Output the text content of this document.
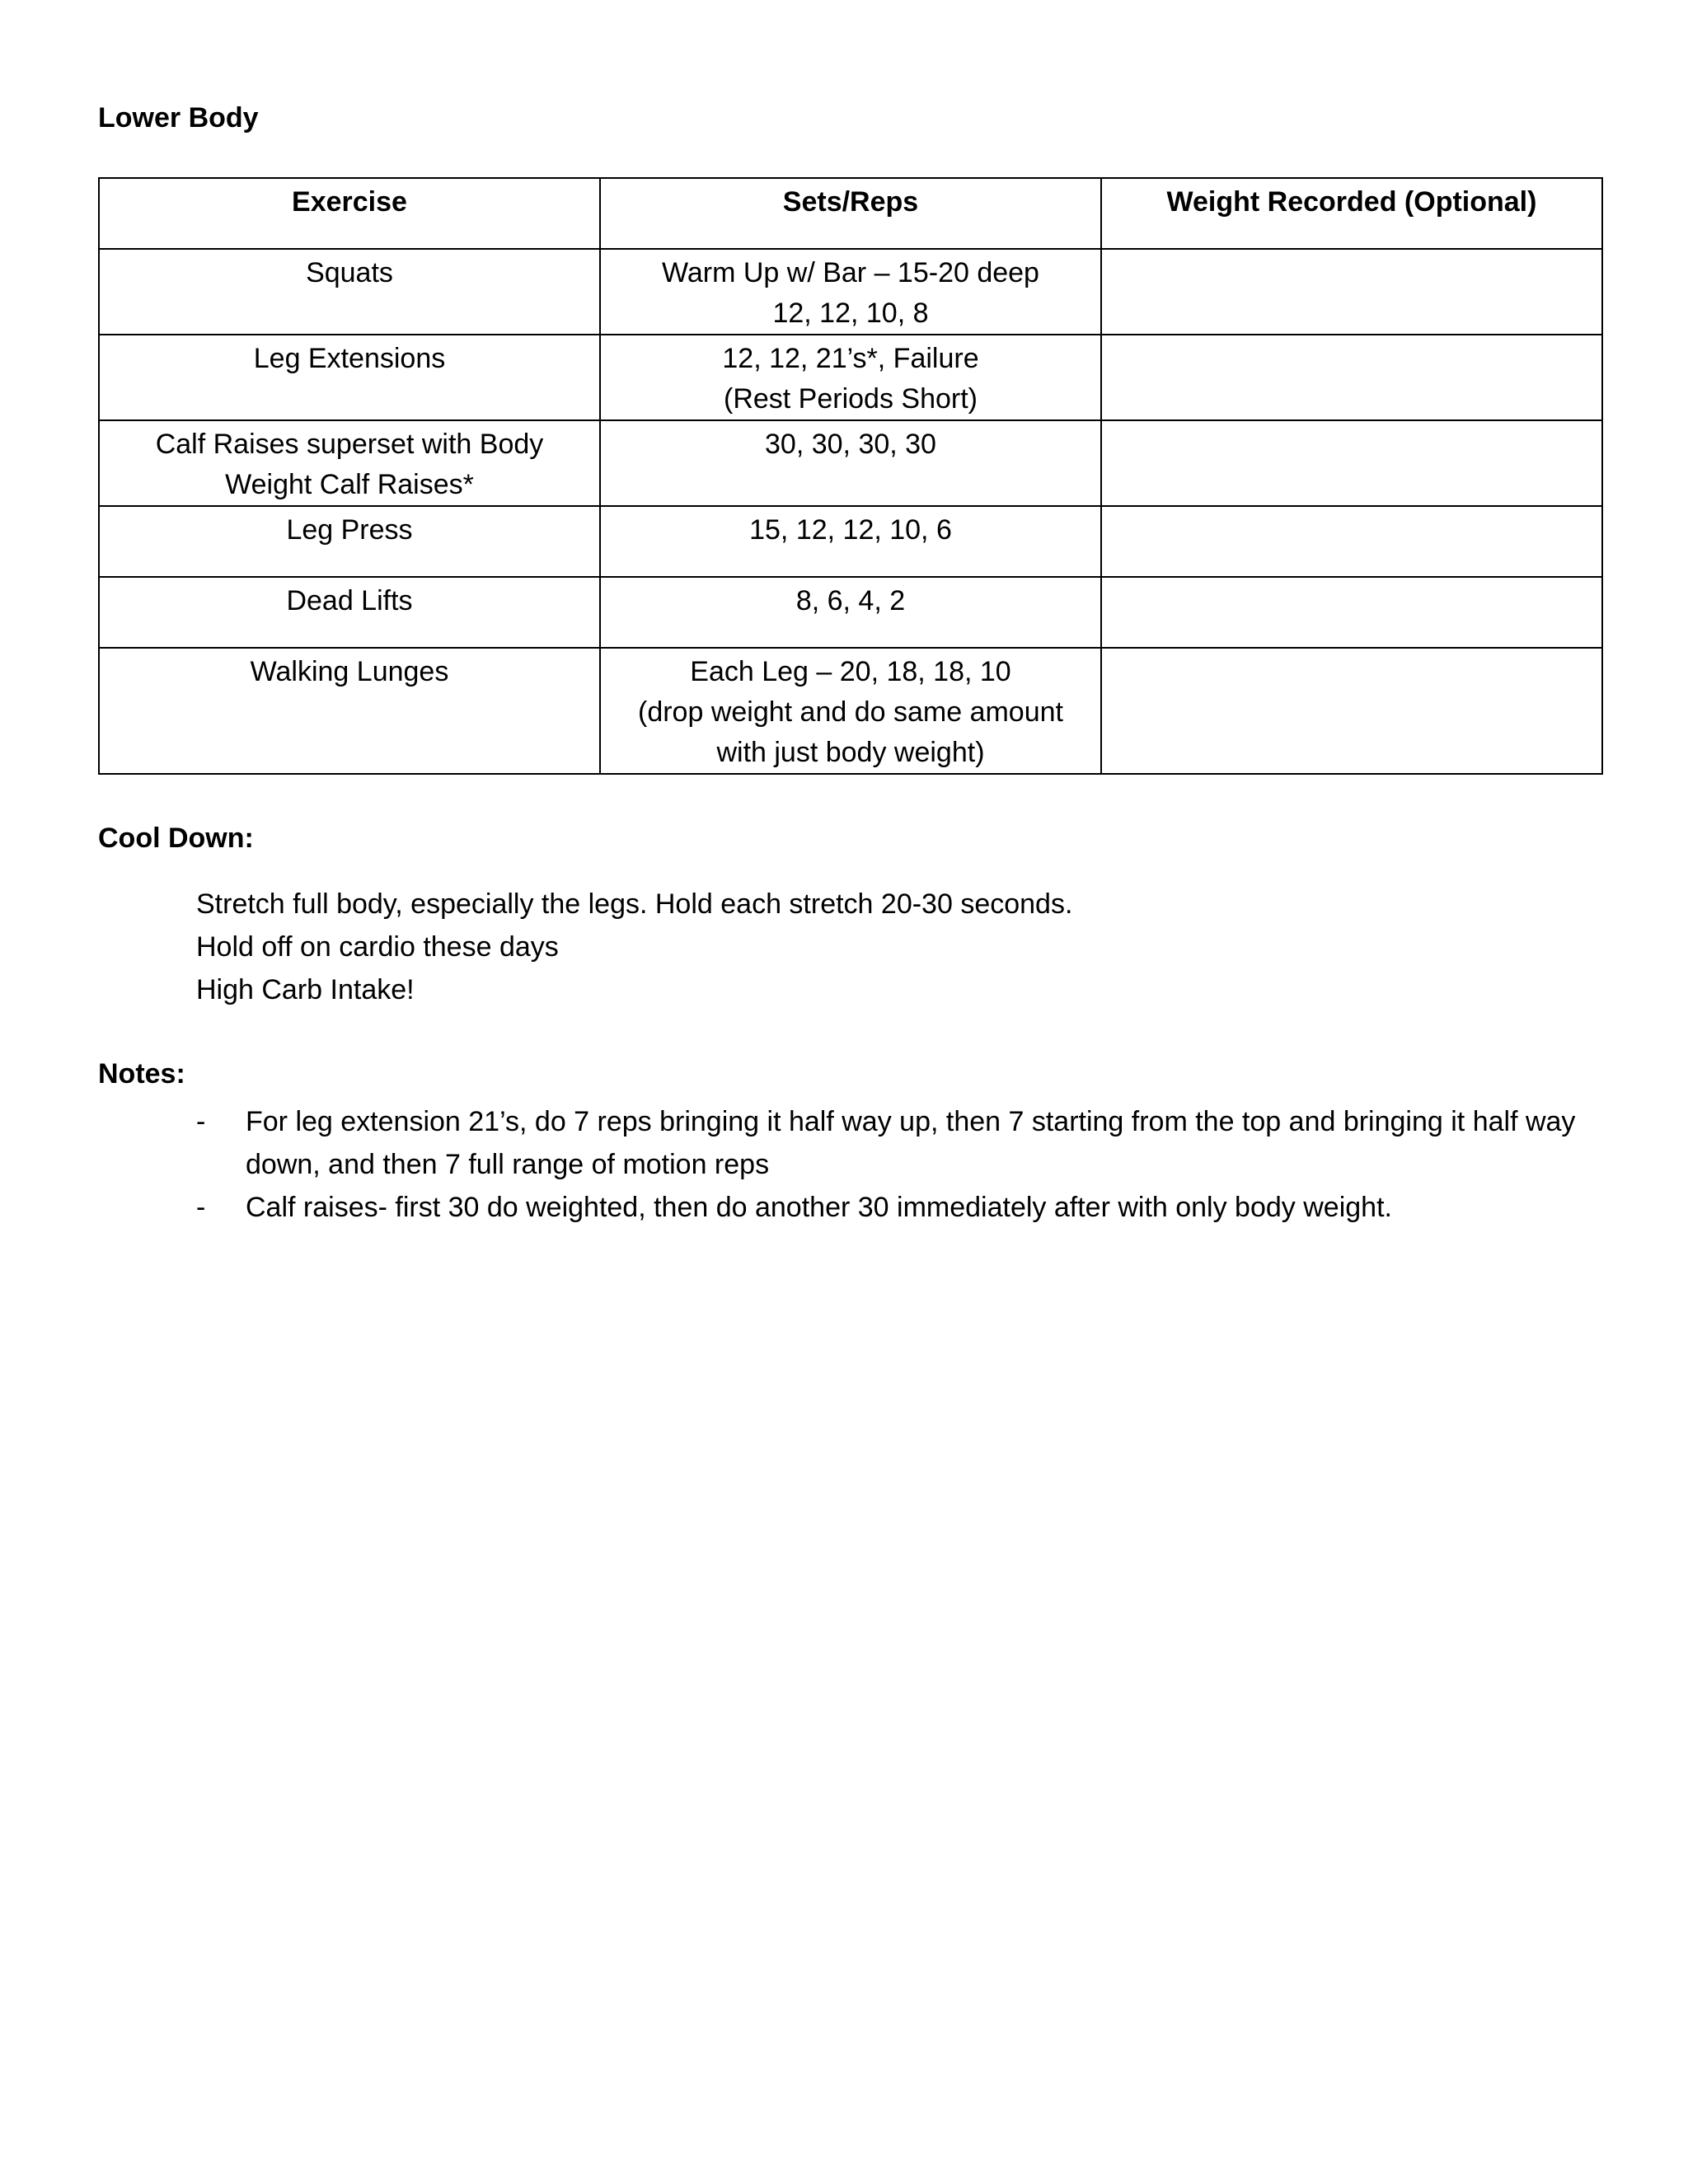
Lower Body
Exercise	Sets/Reps	Weight Recorded (Optional)

Squats	Warm Up w/ Bar – 15-20 deep
12, 12, 10, 8	

Leg Extensions	12, 12, 21’s*, Failure
(Rest Periods Short)	

Calf Raises superset with Body
Weight Calf Raises*	30, 30, 30, 30	

Leg Press	15, 12, 12, 10, 6	

Dead Lifts	8, 6, 4, 2	

Walking Lunges	Each Leg – 20, 18, 18, 10
(drop weight and do same amount
with just body weight)	

Cool Down:
Stretch full body, especially the legs. Hold each stretch 20-30 seconds.
Hold off on cardio these days
High Carb Intake!
Notes:
- For leg extension 21’s, do 7 reps bringing it half way up, then 7 starting from the top and bringing it half way down, and then 7 full range of motion reps
- Calf raises- first 30 do weighted, then do another 30 immediately after with only body weight.
